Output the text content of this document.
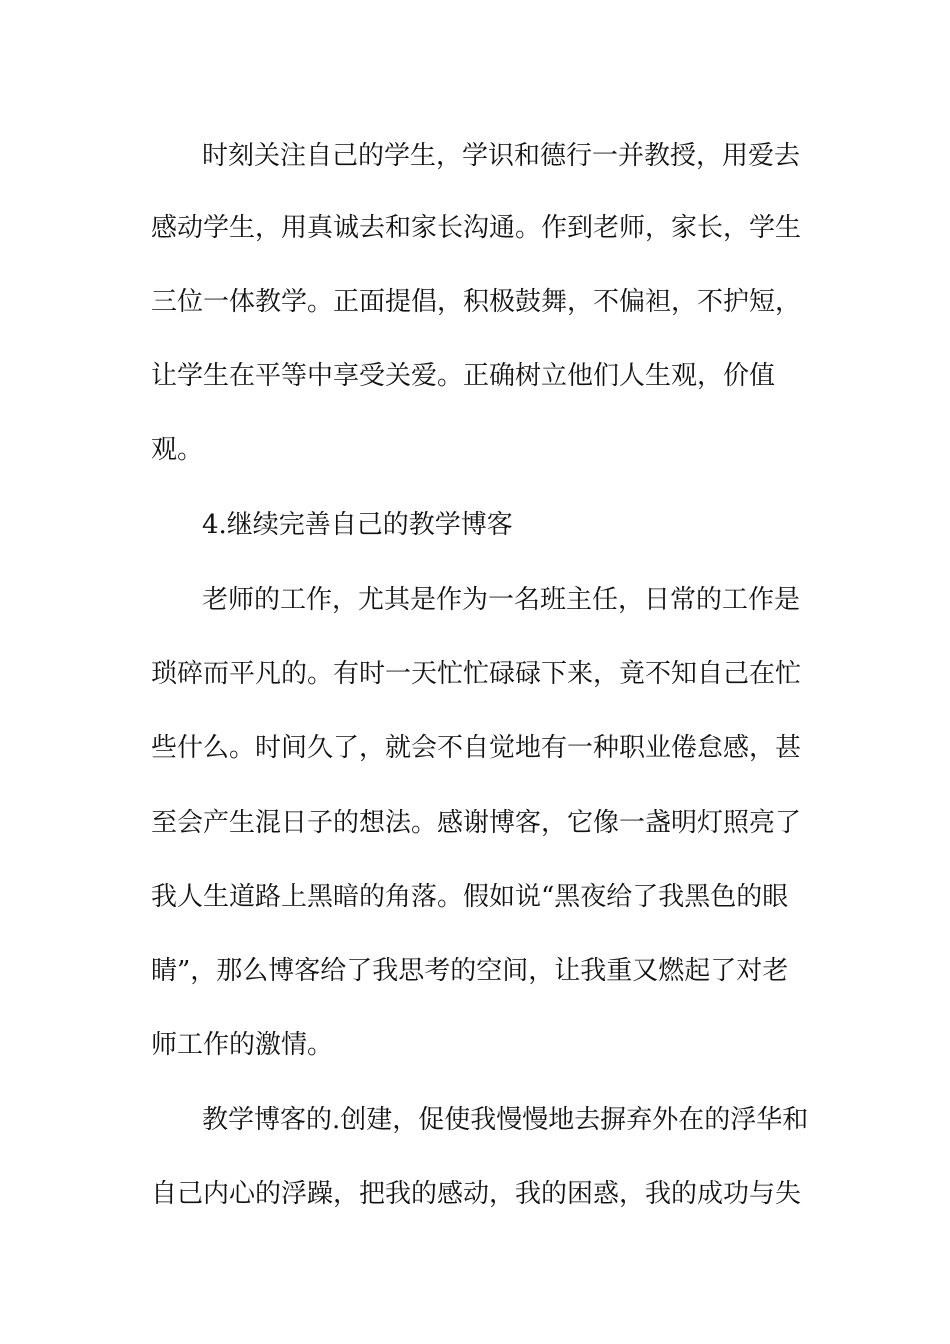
时刻关注自己的学生，学识和德行一并教授，用爱去
感动学生，用真诚去和家长沟通。作到老师，家长，学生
三位一体教学。正面提倡，积极鼓舞，不偏袒，不护短，
让学生在平等中享受关爱。正确树立他们人生观，价值
观。
4.继续完善自己的教学博客
老师的工作，尤其是作为一名班主任，日常的工作是
琐碎而平凡的。有时一天忙忙碌碌下来，竟不知自己在忙
些什么。时间久了，就会不自觉地有一种职业倦怠感，甚
至会产生混日子的想法。感谢博客，它像一盏明灯照亮了
我人生道路上黑暗的角落。假如说“黑夜给了我黑色的眼
睛”，那么博客给了我思考的空间，让我重又燃起了对老
师工作的激情。
教学博客的.创建，促使我慢慢地去摒弃外在的浮华和
自己内心的浮躁，把我的感动，我的困惑，我的成功与失
